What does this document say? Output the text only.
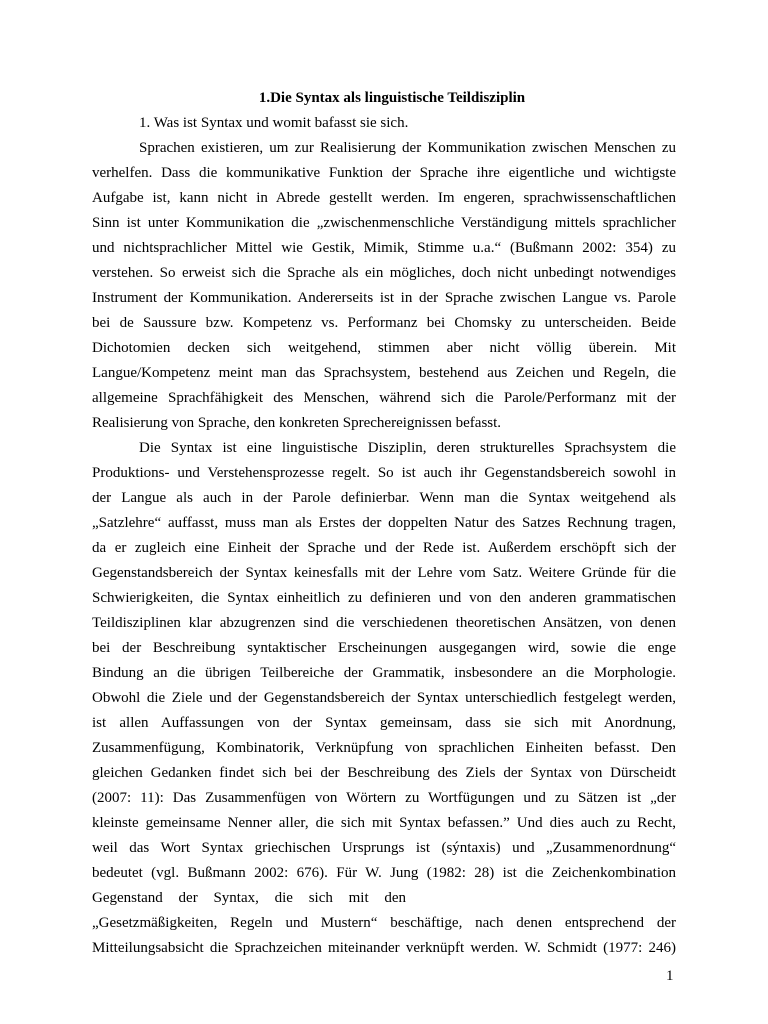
1.Die Syntax als linguistische Teildisziplin
1. Was ist Syntax und womit bafasst sie sich.
Sprachen existieren, um zur Realisierung der Kommunikation zwischen Menschen zu
verhelfen. Dass die kommunikative Funktion der Sprache ihre eigentliche und wichtigste
Aufgabe ist, kann nicht in Abrede gestellt werden. Im engeren, sprachwissenschaftlichen
Sinn ist unter Kommunikation die „zwischenmenschliche Verständigung mittels sprachlicher
und nichtsprachlicher Mittel wie Gestik, Mimik, Stimme u.a.“ (Bußmann 2002: 354) zu
verstehen. So erweist sich die Sprache als ein mögliches, doch nicht unbedingt notwendiges
Instrument der Kommunikation. Andererseits ist in der Sprache zwischen Langue vs. Parole
bei de Saussure bzw. Kompetenz vs. Performanz bei Chomsky zu unterscheiden. Beide
Dichotomien decken sich weitgehend, stimmen aber nicht völlig überein. Mit
Langue/Kompetenz meint man das Sprachsystem, bestehend aus Zeichen und Regeln, die
allgemeine Sprachfähigkeit des Menschen, während sich die Parole/Performanz mit der
Realisierung von Sprache, den konkreten Sprechereignissen befasst.
Die Syntax ist eine linguistische Disziplin, deren strukturelles Sprachsystem die
Produktions- und Verstehensprozesse regelt. So ist auch ihr Gegenstandsbereich sowohl in
der Langue als auch in der Parole definierbar. Wenn man die Syntax weitgehend als
„Satzlehre“ auffasst, muss man als Erstes der doppelten Natur des Satzes Rechnung tragen,
da er zugleich eine Einheit der Sprache und der Rede ist. Außerdem erschöpft sich der
Gegenstandsbereich der Syntax keinesfalls mit der Lehre vom Satz. Weitere Gründe für die
Schwierigkeiten, die Syntax einheitlich zu definieren und von den anderen grammatischen
Teildisziplinen klar abzugrenzen sind die verschiedenen theoretischen Ansätzen, von denen
bei der Beschreibung syntaktischer Erscheinungen ausgegangen wird, sowie die enge
Bindung an die übrigen Teilbereiche der Grammatik, insbesondere an die Morphologie.
Obwohl die Ziele und der Gegenstandsbereich der Syntax unterschiedlich festgelegt werden,
ist allen Auffassungen von der Syntax gemeinsam, dass sie sich mit Anordnung,
Zusammenfügung, Kombinatorik, Verknüpfung von sprachlichen Einheiten befasst. Den
gleichen Gedanken findet sich bei der Beschreibung des Ziels der Syntax von Dürscheidt
(2007: 11): Das Zusammenfügen von Wörtern zu Wortfügungen und zu Sätzen ist „der
kleinste gemeinsame Nenner aller, die sich mit Syntax befassen.” Und dies auch zu Recht,
weil das Wort Syntax griechischen Ursprungs ist (sýntaxis) und „Zusammenordnung“
bedeutet (vgl. Bußmann 2002: 676). Für W. Jung (1982: 28) ist die Zeichenkombination
Gegenstand der Syntax, die sich mit den
„Gesetzmäßigkeiten, Regeln und Mustern“ beschäftige, nach denen entsprechend der
Mitteilungsabsicht die Sprachzeichen miteinander verknüpft werden. W. Schmidt (1977: 246)
1
